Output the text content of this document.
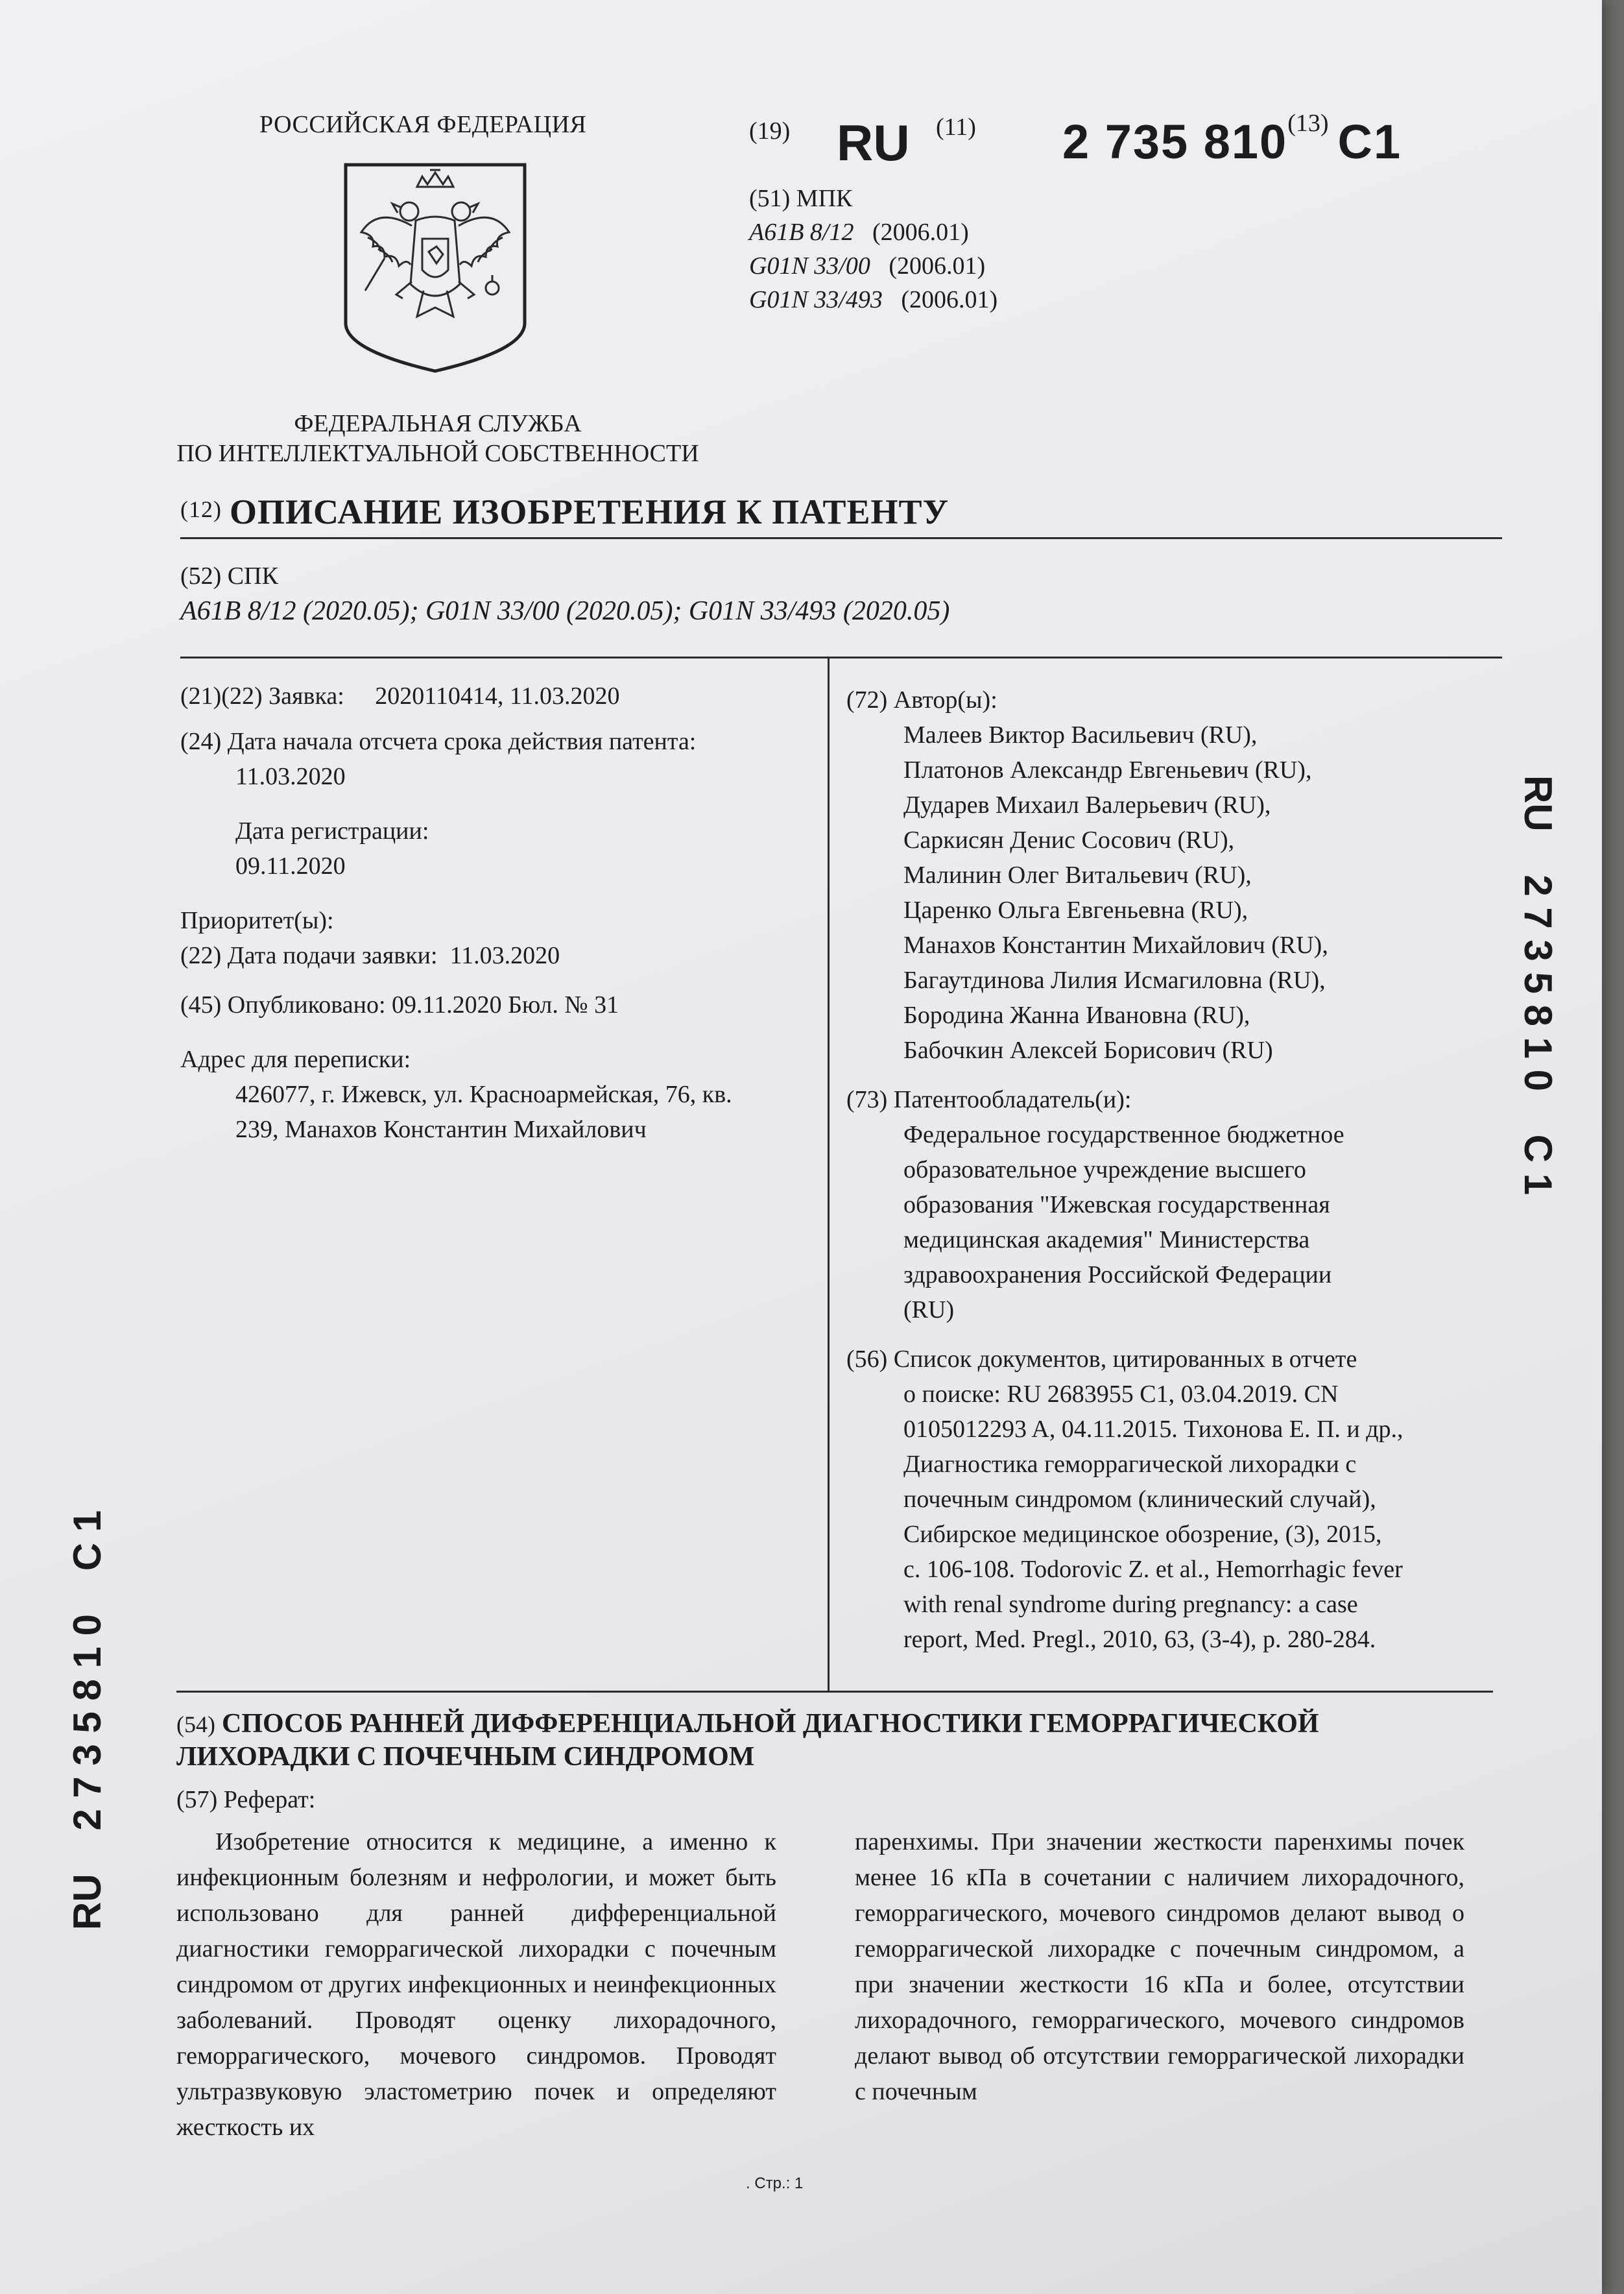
РОССИЙСКАЯ ФЕДЕРАЦИЯ
ФЕДЕРАЛЬНАЯ СЛУЖБА
ПО ИНТЕЛЛЕКТУАЛЬНОЙ СОБСТВЕННОСТИ
(19) RU (11) 2 735 810$^{(13)}$ C1
(51) МПК
A61B 8/12 (2006.01)
G01N 33/00 (2006.01)
G01N 33/493 (2006.01)
(12) ОПИСАНИЕ ИЗОБРЕТЕНИЯ К ПАТЕНТУ
(52) СПК
A61B 8/12 (2020.05); G01N 33/00 (2020.05); G01N 33/493 (2020.05)
(21)(22) Заявка: 2020110414, 11.03.2020
(24) Дата начала отсчета срока действия патента:
11.03.2020
Дата регистрации:
09.11.2020
Приоритет(ы):
(22) Дата подачи заявки: 11.03.2020
(45) Опубликовано: 09.11.2020 Бюл. № 31
Адрес для переписки:
426077, г. Ижевск, ул. Красноармейская, 76, кв.
239, Манахов Константин Михайлович
(72) Автор(ы):
Малеев Виктор Васильевич (RU),
Платонов Александр Евгеньевич (RU),
Дударев Михаил Валерьевич (RU),
Саркисян Денис Сосович (RU),
Малинин Олег Витальевич (RU),
Царенко Ольга Евгеньевна (RU),
Манахов Константин Михайлович (RU),
Багаутдинова Лилия Исмагиловна (RU),
Бородина Жанна Ивановна (RU),
Бабочкин Алексей Борисович (RU)
(73) Патентообладатель(и):
Федеральное государственное бюджетное
образовательное учреждение высшего
образования "Ижевская государственная
медицинская академия" Министерства
здравоохранения Российской Федерации
(RU)
(56) Список документов, цитированных в отчете
о поиске: RU 2683955 C1, 03.04.2019. CN
0105012293 A, 04.11.2015. Тихонова Е. П. и др.,
Диагностика геморрагической лихорадки с
почечным синдромом (клинический случай),
Сибирское медицинское обозрение, (3), 2015,
с. 106-108. Todorovic Z. et al., Hemorrhagic fever
with renal syndrome during pregnancy: a case
report, Med. Pregl., 2010, 63, (3-4), p. 280-284.
(54) СПОСОБ РАННЕЙ ДИФФЕРЕНЦИАЛЬНОЙ ДИАГНОСТИКИ ГЕМОРРАГИЧЕСКОЙ
ЛИХОРАДКИ С ПОЧЕЧНЫМ СИНДРОМОМ
(57) Реферат:
Изобретение относится к медицине, а именно к инфекционным болезням и нефрологии, и может быть использовано для ранней дифференциальной диагностики геморрагической лихорадки с почечным синдромом от других инфекционных и неинфекционных заболеваний. Проводят оценку лихорадочного, геморрагического, мочевого синдромов. Проводят ультразвуковую эластометрию почек и определяют жесткость их
паренхимы. При значении жесткости паренхимы почек менее 16 кПа в сочетании с наличием лихорадочного, геморрагического, мочевого синдромов делают вывод о геморрагической лихорадке с почечным синдромом, а при значении жесткости 16 кПа и более, отсутствии лихорадочного, геморрагического, мочевого синдромов делают вывод об отсутствии геморрагической лихорадки с почечным
. Стр.: 1
RU    2 7 3 5 8 1 0    C 1
RU    2 7 3 5 8 1 0    C 1
